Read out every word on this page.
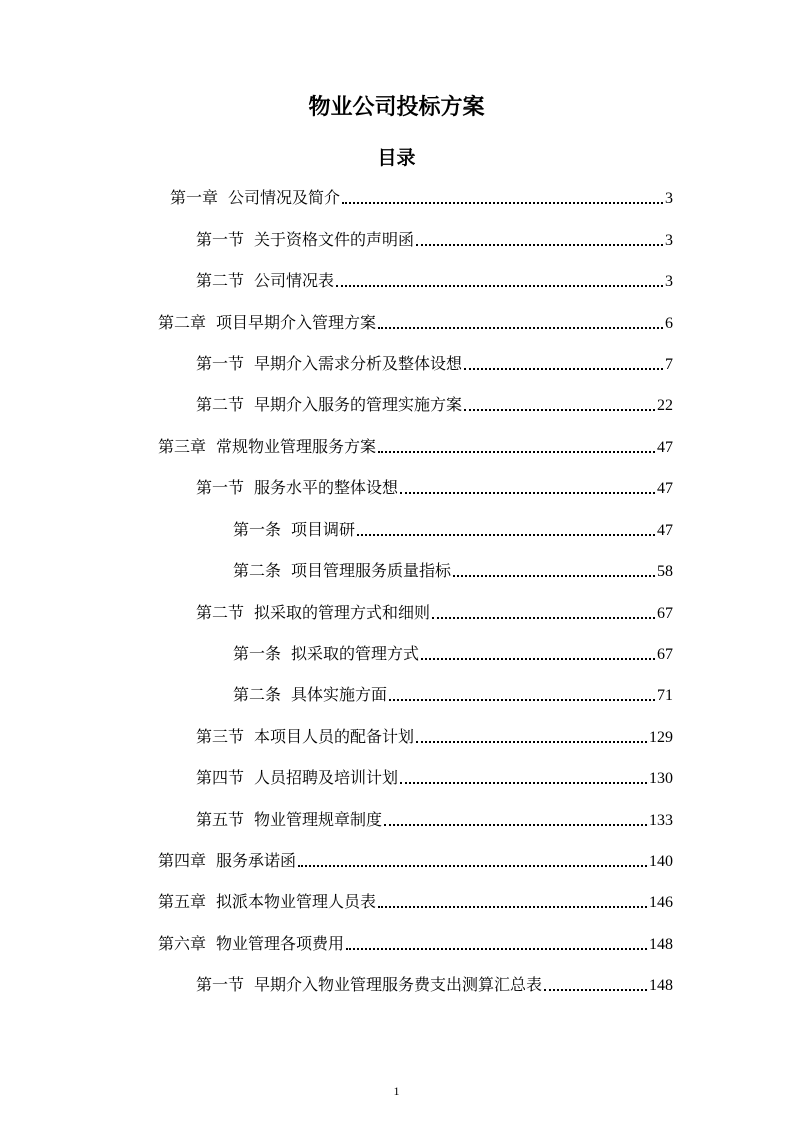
物业公司投标方案
目录
第一章 公司情况及简介	3
第一节 关于资格文件的声明函	3
第二节 公司情况表	3
第二章 项目早期介入管理方案	6
第一节 早期介入需求分析及整体设想	7
第二节 早期介入服务的管理实施方案	22
第三章 常规物业管理服务方案	47
第一节 服务水平的整体设想	47
第一条 项目调研	47
第二条 项目管理服务质量指标	58
第二节 拟采取的管理方式和细则	67
第一条 拟采取的管理方式	67
第二条 具体实施方面	71
第三节 本项目人员的配备计划	129
第四节 人员招聘及培训计划	130
第五节 物业管理规章制度	133
第四章 服务承诺函	140
第五章 拟派本物业管理人员表	146
第六章 物业管理各项费用	148
第一节 早期介入物业管理服务费支出测算汇总表	148
1
